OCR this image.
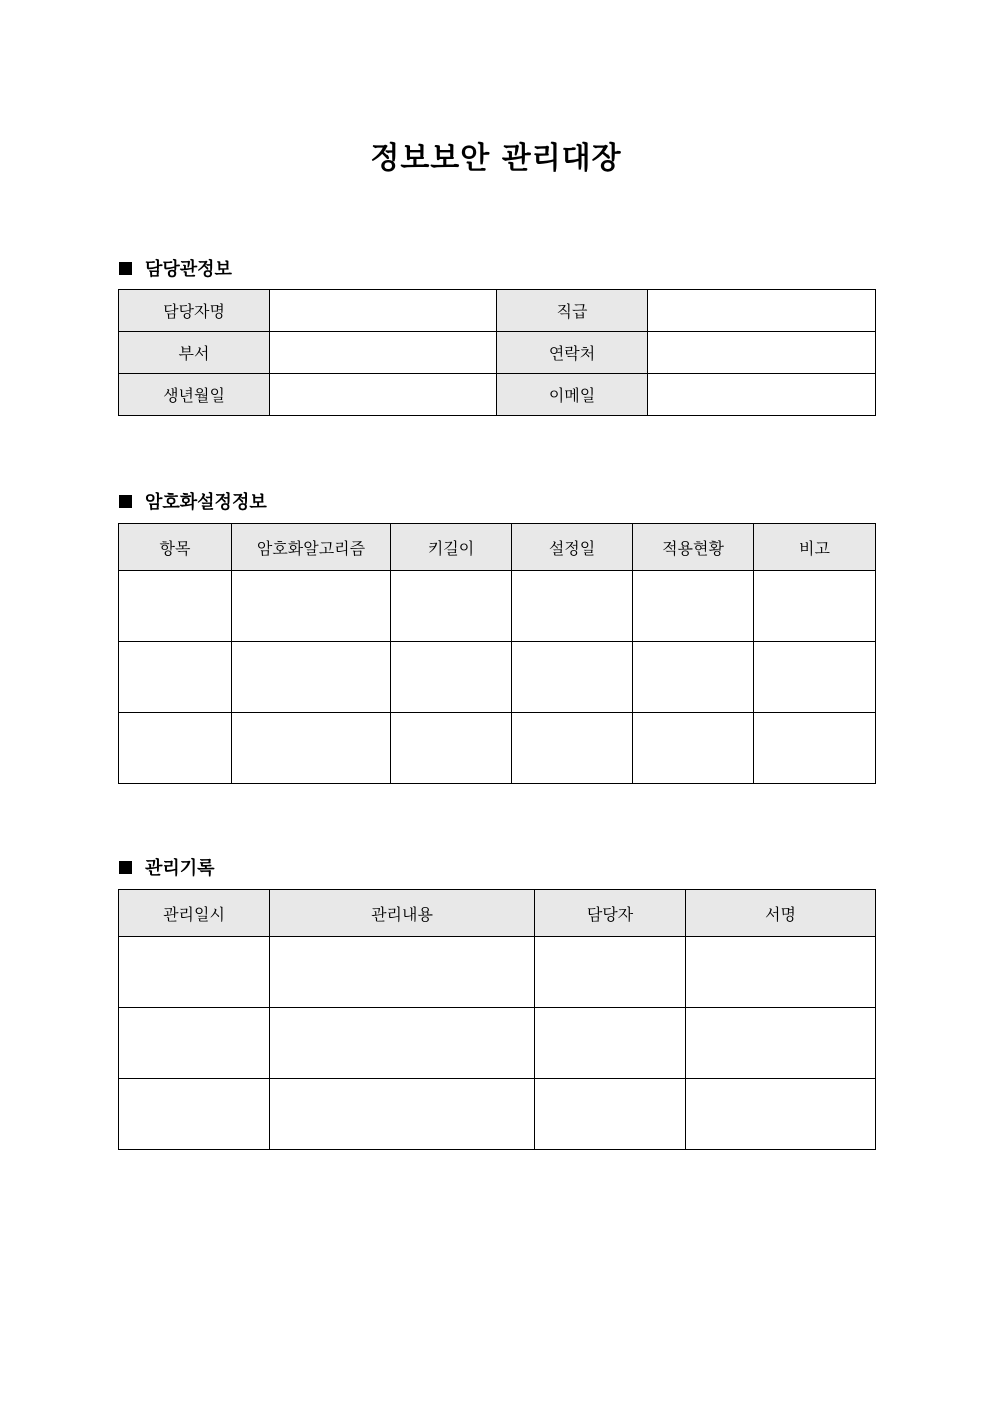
정보보안 관리대장
담당관정보
담당자명		직급	
부서		연락처	
생년월일		이메일	
암호화설정정보
항목	암호화알고리즘	키길이	설정일	적용현황	비고

관리기록
관리일시	관리내용	담당자	서명
